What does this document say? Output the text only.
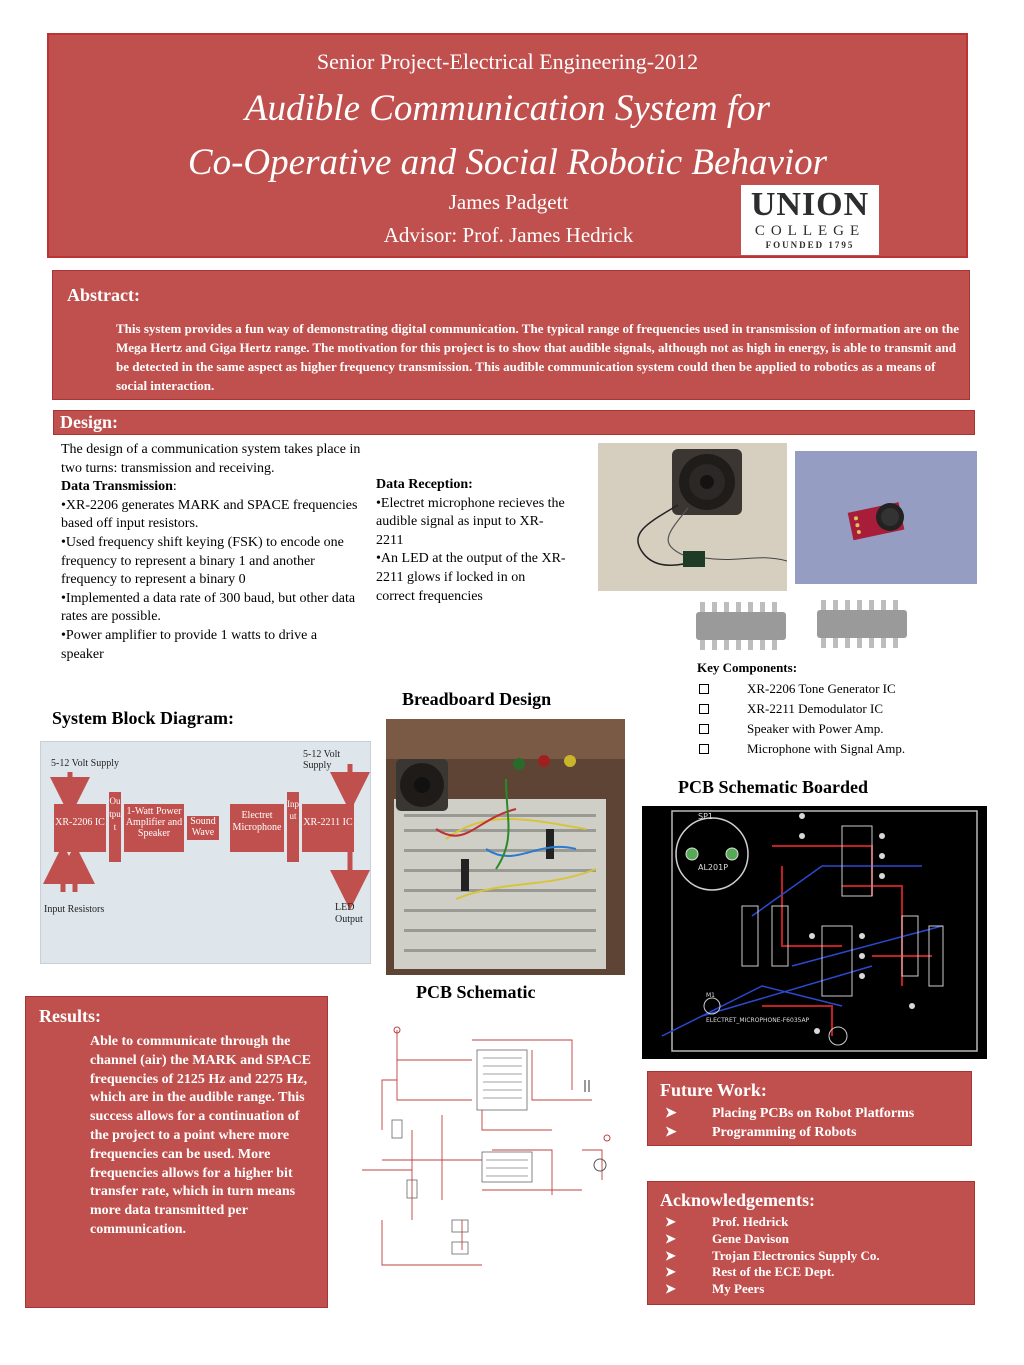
Senior Project-Electrical Engineering-2012
Audible Communication System for
Co-Operative and Social Robotic Behavior
James Padgett
Advisor: Prof. James Hedrick
UNION
COLLEGE
FOUNDED 1795
Abstract:
This system provides a fun way of demonstrating digital communication. The typical range of frequencies used in transmission of information are on the Mega Hertz and Giga Hertz range. The motivation for this project is to show that audible signals, although not as high in energy, is able to transmit and be detected in the same aspect as higher frequency transmission. This audible communication system could then be applied to robotics as a means of social interaction.
Design:
The design of a communication system takes place in two turns: transmission and receiving.
Data Transmission:
•XR-2206 generates MARK and SPACE frequencies based off input resistors.
•Used frequency shift keying (FSK) to encode one frequency to represent a binary 1 and another frequency to represent a binary 0
•Implemented a data rate of 300 baud, but other data rates are possible.
•Power amplifier to provide 1 watts to drive a speaker
Data Reception:
•Electret microphone recieves the audible signal as input to XR-2211
•An LED at the output of the XR-2211 glows if locked in on correct frequencies
Key Components:
XR-2206 Tone Generator IC
XR-2211 Demodulator IC
Speaker with Power Amp.
Microphone with Signal Amp.
System Block Diagram:
Breadboard Design
PCB Schematic Boarded
PCB Schematic
5-12 Volt Supply
5-12 Volt Supply
XR-2206 IC
Output
1-Watt Power Amplifier and Speaker
Sound Wave
Electret Microphone
Input
XR-2211 IC
Input Resistors	LED Output
SP1
AL201P
M1
ELECTRET_MICROPHONE-F6035AP
Results:
Able to communicate through the channel (air) the MARK and SPACE frequencies of 2125 Hz and 2275 Hz, which are in the audible range. This success allows for a continuation of the project to a point where more frequencies can be used. More frequencies allows for a higher bit transfer rate, which in turn means more data transmitted per communication.
Future Work:
➤	Placing PCBs on Robot Platforms
➤	Programming of Robots
Acknowledgements:
➤	Prof. Hedrick
➤	Gene Davison
➤	Trojan Electronics Supply Co.
➤	Rest of the ECE Dept.
➤	My Peers
